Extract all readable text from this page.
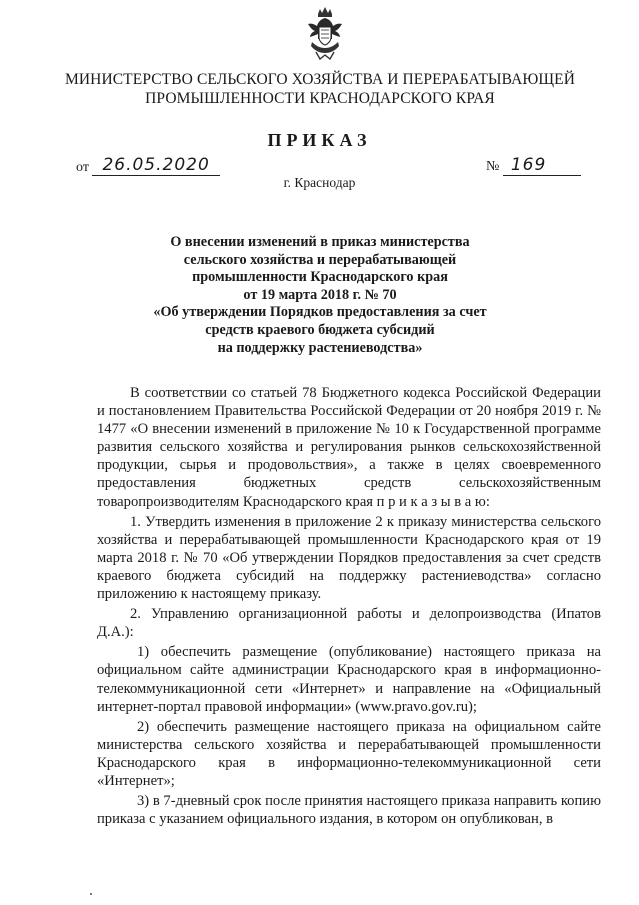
МИНИСТЕРСТВО СЕЛЬСКОГО ХОЗЯЙСТВА И ПЕРЕРАБАТЫВАЮЩЕЙ
ПРОМЫШЛЕННОСТИ КРАСНОДАРСКОГО КРАЯ
ПРИКАЗ
от 26.05.2020	№ 169
г. Краснодар
О внесении изменений в приказ министерства
сельского хозяйства и перерабатывающей
промышленности Краснодарского края
от 19 марта 2018 г. № 70
«Об утверждении Порядков предоставления за счет
средств краевого бюджета субсидий
на поддержку растениеводства»

В соответствии со статьей 78 Бюджетного кодекса Российской Федерации и постановлением Правительства Российской Федерации от 20 ноября 2019 г. № 1477 «О внесении изменений в приложение № 10 к Государственной программе развития сельского хозяйства и регулирования рынков сельскохозяйственной продукции, сырья и продовольствия», а также в целях своевременного предоставления бюджетных средств сельскохозяйственным товаропроизводителям Краснодарского края п р и к а з ы в а ю:

1. Утвердить изменения в приложение 2 к приказу министерства сельского хозяйства и перерабатывающей промышленности Краснодарского края от 19 марта 2018 г. № 70 «Об утверждении Порядков предоставления за счет средств краевого бюджета субсидий на поддержку растениеводства» согласно приложению к настоящему приказу.

2. Управлению организационной работы и делопроизводства (Ипатов Д.А.):

1) обеспечить размещение (опубликование) настоящего приказа на официальном сайте администрации Краснодарского края в информационно-телекоммуникационной сети «Интернет» и направление на «Официальный интернет-портал правовой информации» (www.pravo.gov.ru);

2) обеспечить размещение настоящего приказа на официальном сайте министерства сельского хозяйства и перерабатывающей промышленности Краснодарского края в информационно-телекоммуникационной сети «Интернет»;

3) в 7-дневный срок после принятия настоящего приказа направить копию приказа с указанием официального издания, в котором он опубликован, в
